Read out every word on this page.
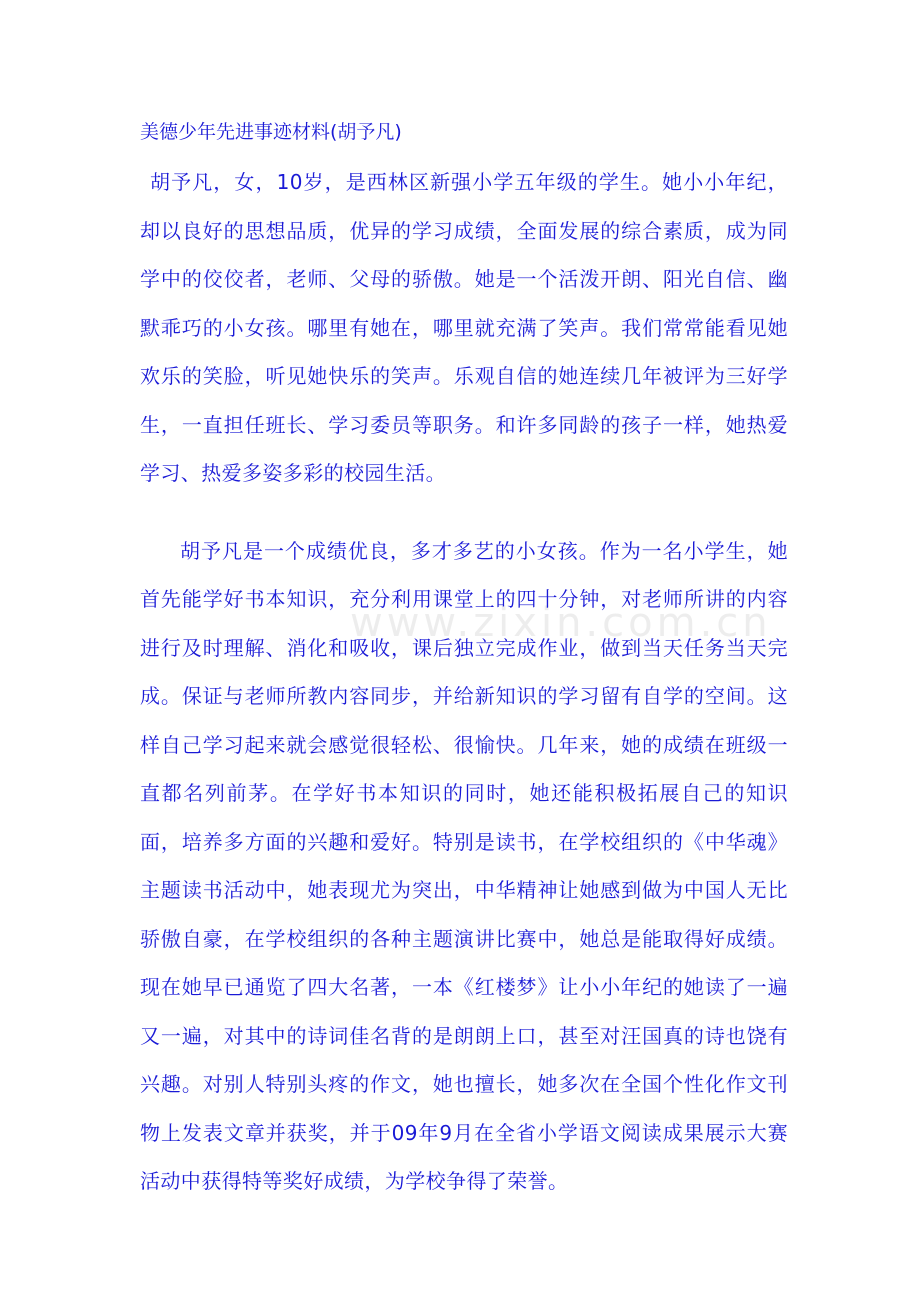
www.zixin.com.cn
美德少年先进事迹材料(胡予凡)

胡予凡，女，10岁，是西林区新强小学五年级的学生。她小小年纪，却以良好的思想品质，优异的学习成绩，全面发展的综合素质，成为同学中的佼佼者，老师、父母的骄傲。她是一个活泼开朗、阳光自信、幽默乖巧的小女孩。哪里有她在，哪里就充满了笑声。我们常常能看见她欢乐的笑脸，听见她快乐的笑声。乐观自信的她连续几年被评为三好学生，一直担任班长、学习委员等职务。和许多同龄的孩子一样，她热爱学习、热爱多姿多彩的校园生活。

胡予凡是一个成绩优良，多才多艺的小女孩。作为一名小学生，她首先能学好书本知识，充分利用课堂上的四十分钟，对老师所讲的内容进行及时理解、消化和吸收，课后独立完成作业，做到当天任务当天完成。保证与老师所教内容同步，并给新知识的学习留有自学的空间。这样自己学习起来就会感觉很轻松、很愉快。几年来，她的成绩在班级一直都名列前茅。在学好书本知识的同时，她还能积极拓展自己的知识面，培养多方面的兴趣和爱好。特别是读书，在学校组织的《中华魂》主题读书活动中，她表现尤为突出，中华精神让她感到做为中国人无比骄傲自豪，在学校组织的各种主题演讲比赛中，她总是能取得好成绩。现在她早已通览了四大名著，一本《红楼梦》让小小年纪的她读了一遍又一遍，对其中的诗词佳名背的是朗朗上口，甚至对汪国真的诗也饶有兴趣。对别人特别头疼的作文，她也擅长，她多次在全国个性化作文刊物上发表文章并获奖，并于09年9月在全省小学语文阅读成果展示大赛活动中获得特等奖好成绩，为学校争得了荣誉。
